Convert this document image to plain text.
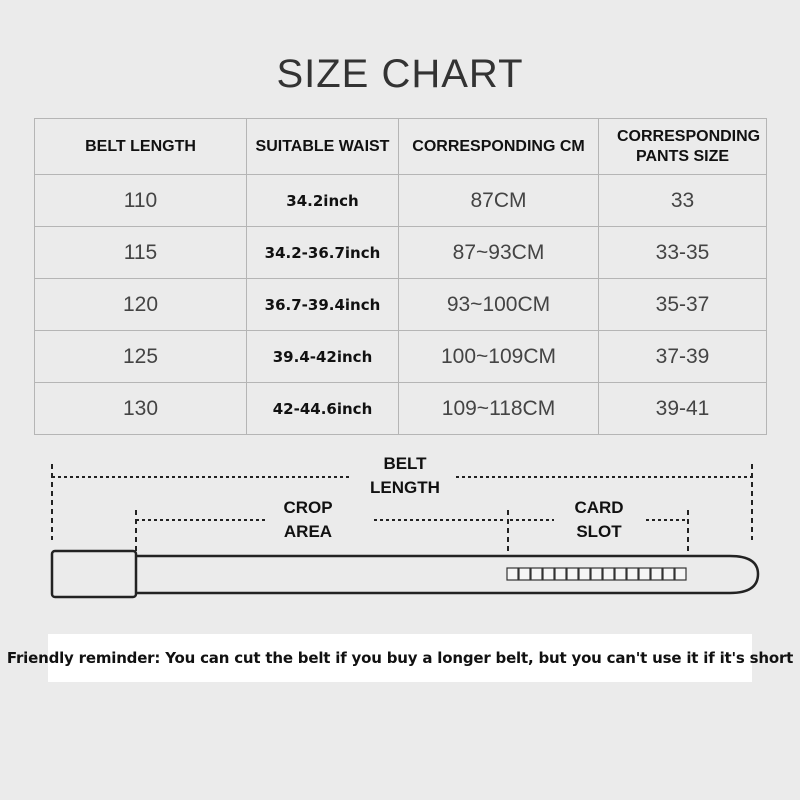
SIZE CHART
BELT LENGTH	SUITABLE WAIST	CORRESPONDING CM	CORRESPONDING PANTS SIZE
110	34.2inch	87CM	33
115	34.2-36.7inch	87~93CM	33-35
120	36.7-39.4inch	93~100CM	35-37
125	39.4-42inch	100~109CM	37-39
130	42-44.6inch	109~118CM	39-41
BELT LENGTH
CROP AREA
CARD SLOT
Friendly reminder: You can cut the belt if you buy a longer belt, but you can't use it if it's short
